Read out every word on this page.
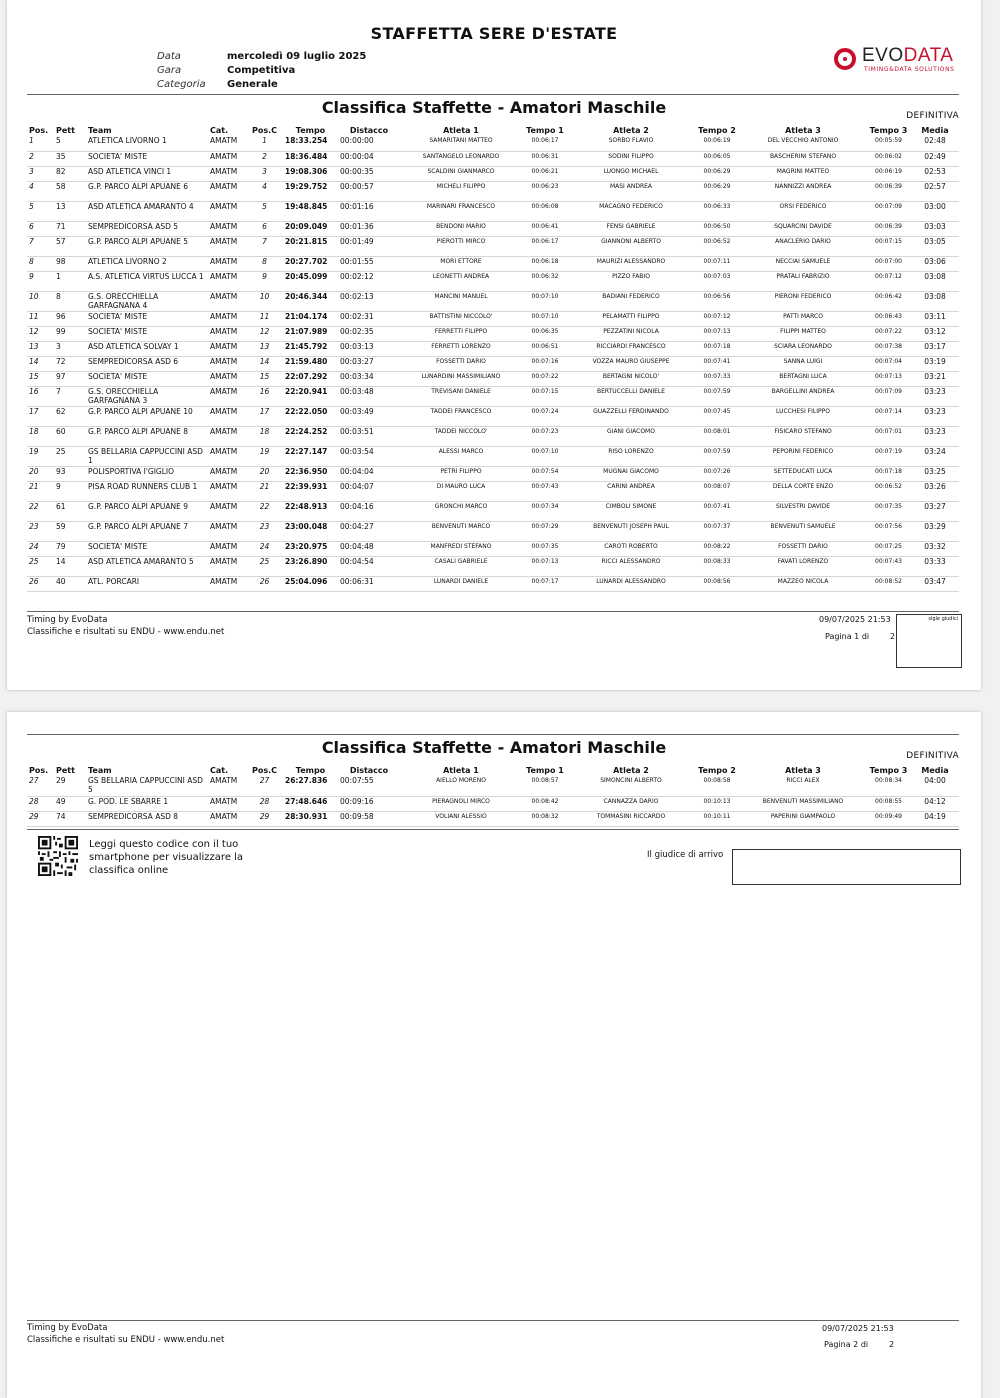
STAFFETTA SERE D'ESTATE
Data	mercoledì 09 luglio 2025
Gara	Competitiva
Categoria	Generale
EVODATA
TIMING&DATA SOLUTIONS
Classifica Staffette - Amatori Maschile	DEFINITIVA
Pos.	Pett	Team	Cat.	Pos.C	Tempo	Distacco	Atleta 1	Tempo 1	Atleta 2	Tempo 2	Atleta 3	Tempo 3	Media
1	5	ATLETICA LIVORNO 1	AMATM	1	18:33.254	00:00:00	SAMARITANI MATTEO	00:06:17	SORBO FLAVIO	00:06:19	DEL VECCHIO ANTONIO	00:05:59	02:48
2	35	SOCIETA' MISTE	AMATM	2	18:36.484	00:00:04	SANTANGELO LEONARDO	00:06:31	SODINI FILIPPO	00:06:05	BASCHERINI STEFANO	00:06:02	02:49
3	82	ASD ATLETICA VINCI 1	AMATM	3	19:08.306	00:00:35	SCALDINI GIANMARCO	00:06:21	LUONGO MICHAEL	00:06:29	MAGRINI MATTEO	00:06:19	02:53
4	58	G.P. PARCO ALPI APUANE 6	AMATM	4	19:29.752	00:00:57	MICHELI FILIPPO	00:06:23	MASI ANDREA	00:06:29	NANNIZZI ANDREA	00:06:39	02:57
5	13	ASD ATLETICA AMARANTO 4	AMATM	5	19:48.845	00:01:16	MARINARI FRANCESCO	00:06:08	MACAGNO FEDERICO	00:06:33	ORSI FEDERICO	00:07:09	03:00
6	71	SEMPREDICORSA ASD 5	AMATM	6	20:09.049	00:01:36	BENDONI MARIO	00:06:41	FENSI GABRIELE	00:06:50	SQUARCINI DAVIDE	00:06:39	03:03
7	57	G.P. PARCO ALPI APUANE 5	AMATM	7	20:21.815	00:01:49	PIEROTTI MIRCO	00:06:17	GIANNONI ALBERTO	00:06:52	ANACLERIO DARIO	00:07:15	03:05
8	98	ATLETICA LIVORNO 2	AMATM	8	20:27.702	00:01:55	MORI ETTORE	00:06:18	MAURIZI ALESSANDRO	00:07:11	NECCIAI SAMUELE	00:07:00	03:06
9	1	A.S. ATLETICA VIRTUS LUCCA 1	AMATM	9	20:45.099	00:02:12	LEONETTI ANDREA	00:06:32	PIZZO FABIO	00:07:03	PRATALI FABRIZIO	00:07:12	03:08
10	8	G.S. ORECCHIELLA GARFAGNANA 4	AMATM	10	20:46.344	00:02:13	MANCINI MANUEL	00:07:10	BADIANI FEDERICO	00:06:56	PIERONI FEDERICO	00:06:42	03:08
11	96	SOCIETA' MISTE	AMATM	11	21:04.174	00:02:31	BATTISTINI NICCOLO'	00:07:10	PELAMATTI FILIPPO	00:07:12	PATTI MARCO	00:06:43	03:11
12	99	SOCIETA' MISTE	AMATM	12	21:07.989	00:02:35	FERRETTI FILIPPO	00:06:35	PEZZATINI NICOLA	00:07:13	FILIPPI MATTEO	00:07:22	03:12
13	3	ASD ATLETICA SOLVAY 1	AMATM	13	21:45.792	00:03:13	FERRETTI LORENZO	00:06:51	RICCIARDI FRANCESCO	00:07:18	SCIARA LEONARDO	00:07:38	03:17
14	72	SEMPREDICORSA ASD 6	AMATM	14	21:59.480	00:03:27	FOSSETTI DARIO	00:07:16	VOZZA MAURO GIUSEPPE	00:07:41	SANNA LUIGI	00:07:04	03:19
15	97	SOCIETA' MISTE	AMATM	15	22:07.292	00:03:34	LUNARDINI MASSIMILIANO	00:07:22	BERTAGNI NICOLO'	00:07:33	BERTAGNI LUCA	00:07:13	03:21
16	7	G.S. ORECCHIELLA GARFAGNANA 3	AMATM	16	22:20.941	00:03:48	TREVISANI DANIELE	00:07:15	BERTUCCELLI DANIELE	00:07:59	BARGELLINI ANDREA	00:07:09	03:23
17	62	G.P. PARCO ALPI APUANE 10	AMATM	17	22:22.050	00:03:49	TADDEI FRANCESCO	00:07:24	GUAZZELLI FERDINANDO	00:07:45	LUCCHESI FILIPPO	00:07:14	03:23
18	60	G.P. PARCO ALPI APUANE 8	AMATM	18	22:24.252	00:03:51	TADDEI NICCOLO'	00:07:23	GIANI GIACOMO	00:08:01	FISICARO STEFANO	00:07:01	03:23
19	25	GS BELLARIA CAPPUCCINI ASD 1	AMATM	19	22:27.147	00:03:54	ALESSI MARCO	00:07:10	RISO LORENZO	00:07:59	PEPORINI FEDERICO	00:07:19	03:24
20	93	POLISPORTIVA I'GIGLIO	AMATM	20	22:36.950	00:04:04	PETRI FILIPPO	00:07:54	MUGNAI GIACOMO	00:07:26	SETTEDUCATI LUCA	00:07:18	03:25
21	9	PISA ROAD RUNNERS CLUB 1	AMATM	21	22:39.931	00:04:07	DI MAURO LUCA	00:07:43	CARINI ANDREA	00:08:07	DELLA CORTE ENZO	00:06:52	03:26
22	61	G.P. PARCO ALPI APUANE 9	AMATM	22	22:48.913	00:04:16	GRONCHI MARCO	00:07:34	CIMBOLI SIMONE	00:07:41	SILVESTRI DAVIDE	00:07:35	03:27
23	59	G.P. PARCO ALPI APUANE 7	AMATM	23	23:00.048	00:04:27	BENVENUTI MARCO	00:07:29	BENVENUTI JOSEPH PAUL	00:07:37	BENVENUTI SAMUELE	00:07:56	03:29
24	79	SOCIETA' MISTE	AMATM	24	23:20.975	00:04:48	MANFREDI STEFANO	00:07:35	CAROTI ROBERTO	00:08:22	FOSSETTI DARIO	00:07:25	03:32
25	14	ASD ATLETICA AMARANTO 5	AMATM	25	23:26.890	00:04:54	CASALI GABRIELE	00:07:13	RICCI ALESSANDRO	00:08:33	FAVATI LORENZO	00:07:43	03:33
26	40	ATL. PORCARI	AMATM	26	25:04.096	00:06:31	LUNARDI DANIELE	00:07:17	LUNARDI ALESSANDRO	00:08:56	MAZZEO NICOLA	00:08:52	03:47
Timing by EvoData
Classifiche e risultati su ENDU - www.endu.net
09/07/2025 21:53
Pagina 1 di	2
sigle giudici
Classifica Staffette - Amatori Maschile	DEFINITIVA
Pos.	Pett	Team	Cat.	Pos.C	Tempo	Distacco	Atleta 1	Tempo 1	Atleta 2	Tempo 2	Atleta 3	Tempo 3	Media
27	29	GS BELLARIA CAPPUCCINI ASD 5	AMATM	27	26:27.836	00:07:55	AIELLO MORENO	00:08:57	SIMONCINI ALBERTO	00:08:58	RICCI ALEX	00:08:34	04:00
28	49	G. POD. LE SBARRE 1	AMATM	28	27:48.646	00:09:16	PIERAGNOLI MIRCO	00:08:42	CANNAZZA DARIO	00:10:13	BENVENUTI MASSIMILIANO	00:08:55	04:12
29	74	SEMPREDICORSA ASD 8	AMATM	29	28:30.931	00:09:58	VOLIANI ALESSIO	00:08:32	TOMMASINI RICCARDO	00:10:11	PAPERINI GIAMPAOLO	00:09:49	04:19
Leggi questo codice con il tuo smartphone per visualizzare la classifica online
Il giudice di arrivo
Timing by EvoData
Classifiche e risultati su ENDU - www.endu.net
09/07/2025 21:53
Pagina 2 di	2
